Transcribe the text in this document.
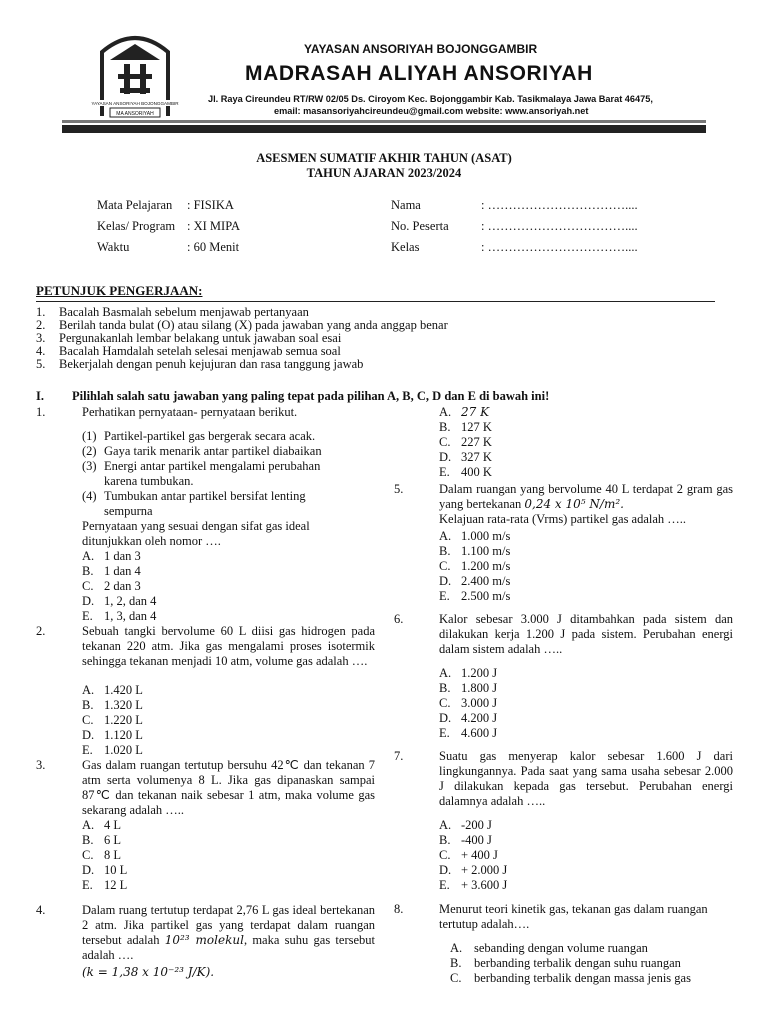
YAYASAN ANSORIYAH BOJONGGAMBIR
MA ANSORIYAH
YAYASAN ANSORIYAH BOJONGGAMBIR
MADRASAH ALIYAH ANSORIYAH
Jl. Raya Cireundeu RT/RW 02/05 Ds. Ciroyom Kec. Bojonggambir Kab. Tasikmalaya Jawa Barat 46475,
email: masansoriyahcireundeu@gmail.com website: www.ansoriyah.net
ASESMEN SUMATIF AKHIR TAHUN (ASAT)
TAHUN AJARAN 2023/2024
Mata Pelajaran : FISIKA
Kelas/ Program : XI MIPA
Waktu	: 60 Menit
Nama	: ……………………………....
No. Peserta	: ……………………………....
Kelas	: ……………………………....
PETUNJUK PENGERJAAN:
1. Bacalah Basmalah sebelum menjawab pertanyaan
2. Berilah tanda bulat (O) atau silang (X) pada jawaban yang anda anggap benar
3. Pergunakanlah lembar belakang untuk jawaban soal esai
4. Bacalah Hamdalah setelah selesai menjawab semua soal
5. Bekerjalah dengan penuh kejujuran dan rasa tanggung jawab
I. Pilihlah salah satu jawaban yang paling tepat pada pilihan A, B, C, D dan E di bawah ini!
1.	Perhatikan pernyataan- pernyataan berikut.
(1) Partikel-partikel gas bergerak secara acak.
(2) Gaya tarik menarik antar partikel diabaikan
(3) Energi antar partikel mengalami perubahan karena tumbukan.
(4) Tumbukan antar partikel bersifat lenting sempurna
Pernyataan yang sesuai dengan sifat gas ideal ditunjukkan oleh nomor ….
A. 1 dan 3
B. 1 dan 4
C. 2 dan 3
D. 1, 2, dan 4
E. 1, 3, dan 4
2.	Sebuah tangki bervolume 60 L diisi gas hidrogen pada tekanan 220 atm. Jika gas mengalami proses isotermik sehingga tekanan menjadi 10 atm, volume gas adalah ….
A. 1.420 L
B. 1.320 L
C. 1.220 L
D. 1.120 L
E. 1.020 L
3.	Gas dalam ruangan tertutup bersuhu 42℃ dan tekanan 7 atm serta volumenya 8 L. Jika gas dipanaskan sampai 87℃ dan tekanan naik sebesar 1 atm, maka volume gas sekarang adalah …..
A. 4 L
B. 6 L
C. 8 L
D. 10 L
E. 12 L
4.	Dalam ruang tertutup terdapat 2,76 L gas ideal bertekanan 2 atm. Jika partikel gas yang terdapat dalam ruangan tersebut adalah 10²³ molekul, maka suhu gas tersebut adalah ….
(k = 1,38 x 10⁻²³ J/K).
A. 27 K
B. 127 K
C. 227 K
D. 327 K
E. 400 K
5.	Dalam ruangan yang bervolume 40 L terdapat 2 gram gas yang bertekanan 0,24 x 10⁵ N/m².
Kelajuan rata-rata (Vrms) partikel gas adalah …..
A. 1.000 m/s
B. 1.100 m/s
C. 1.200 m/s
D. 2.400 m/s
E. 2.500 m/s
6.	Kalor sebesar 3.000 J ditambahkan pada sistem dan dilakukan kerja 1.200 J pada sistem. Perubahan energi dalam sistem adalah …..
A. 1.200 J
B. 1.800 J
C. 3.000 J
D. 4.200 J
E. 4.600 J
7.	Suatu gas menyerap kalor sebesar 1.600 J dari lingkungannya. Pada saat yang sama usaha sebesar 2.000 J dilakukan kepada gas tersebut. Perubahan energi dalamnya adalah …..
A. -200 J
B. -400 J
C. + 400 J
D. + 2.000 J
E. + 3.600 J
8.	Menurut teori kinetik gas, tekanan gas dalam ruangan tertutup adalah….
A. sebanding dengan volume ruangan
B. berbanding terbalik dengan suhu ruangan
C. berbanding terbalik dengan massa jenis gas
